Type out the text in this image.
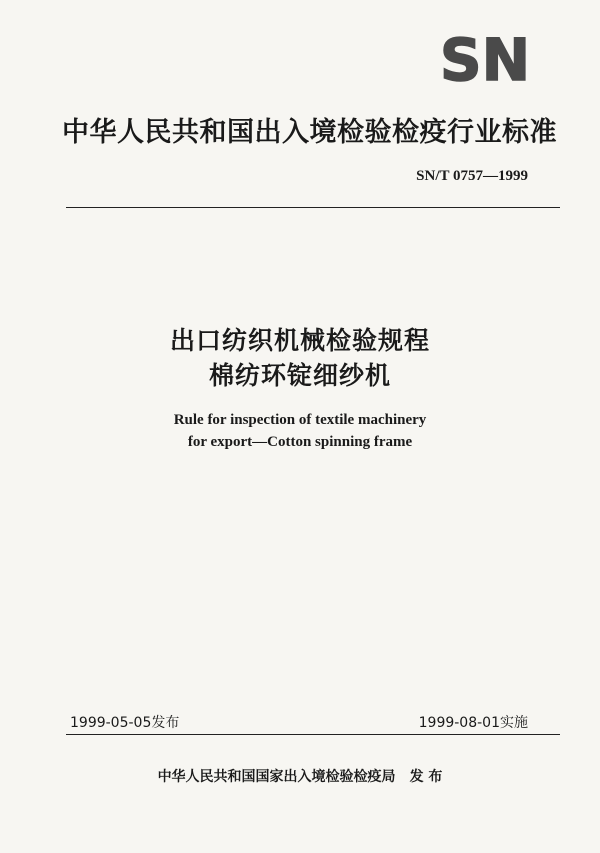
SN
中华人民共和国出入境检验检疫行业标准
SN/T 0757—1999
出口纺织机械检验规程
棉纺环锭细纱机
Rule for inspection of textile machinery
for export—Cotton spinning frame
1999-05-05发布	1999-08-01实施
中华人民共和国国家出入境检验检疫局 发 布
